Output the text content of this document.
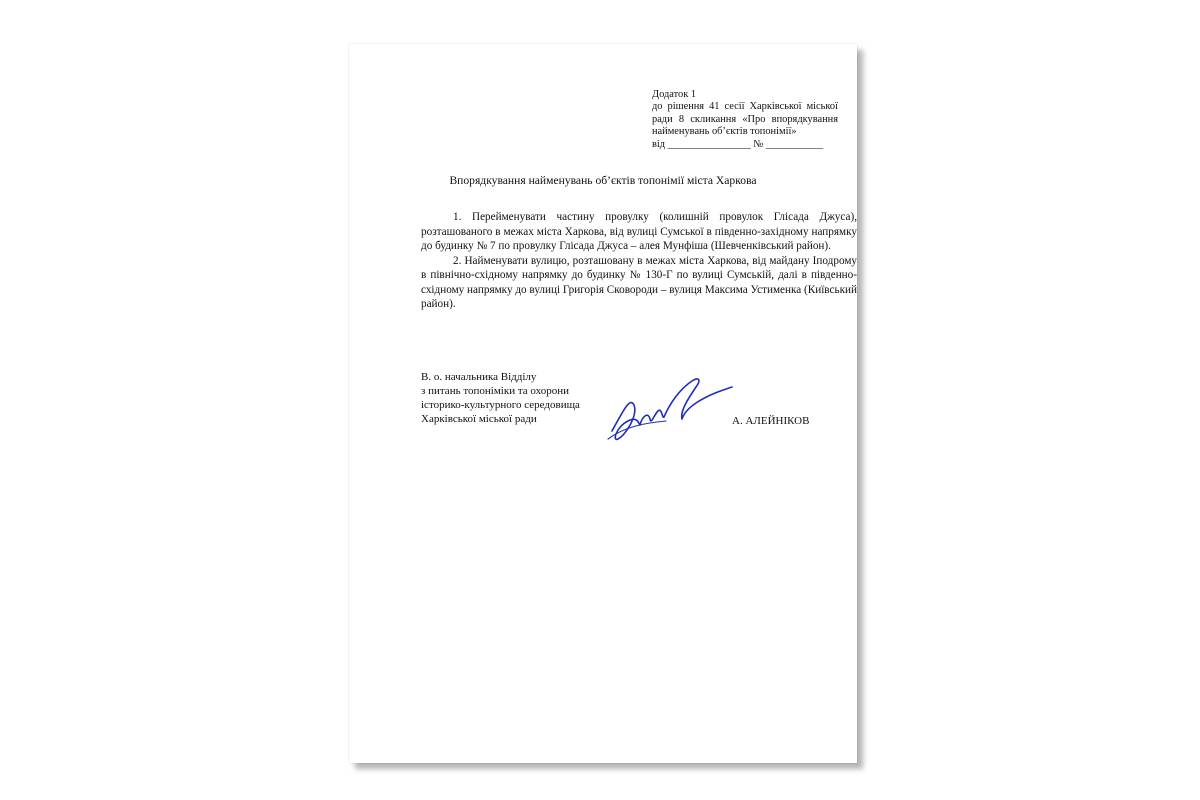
Додаток 1
до рішення 41 сесії Харківської міської
ради 8 скликання «Про впорядкування
найменувань об’єктів топонімії»
від ________________ № ___________
Впорядкування найменувань об’єктів топонімії міста Харкова

1. Перейменувати частину провулку (колишній провулок Глісада Джуса), розташованого в межах міста Харкова, від вулиці Сумської в південно-західному напрямку до будинку № 7 по провулку Глісада Джуса – алея Мунфіша (Шевченківський район).

2. Найменувати вулицю, розташовану в межах міста Харкова, від майдану Іподрому в північно-східному напрямку до будинку № 130-Г по вулиці Сумській, далі в південно-східному напрямку до вулиці Григорія Сковороди – вулиця Максима Устименка (Київський район).

В. о. начальника Відділу
з питань топоніміки та охорони
історико-культурного середовища
Харківської міської ради	А. АЛЕЙНІКОВ
